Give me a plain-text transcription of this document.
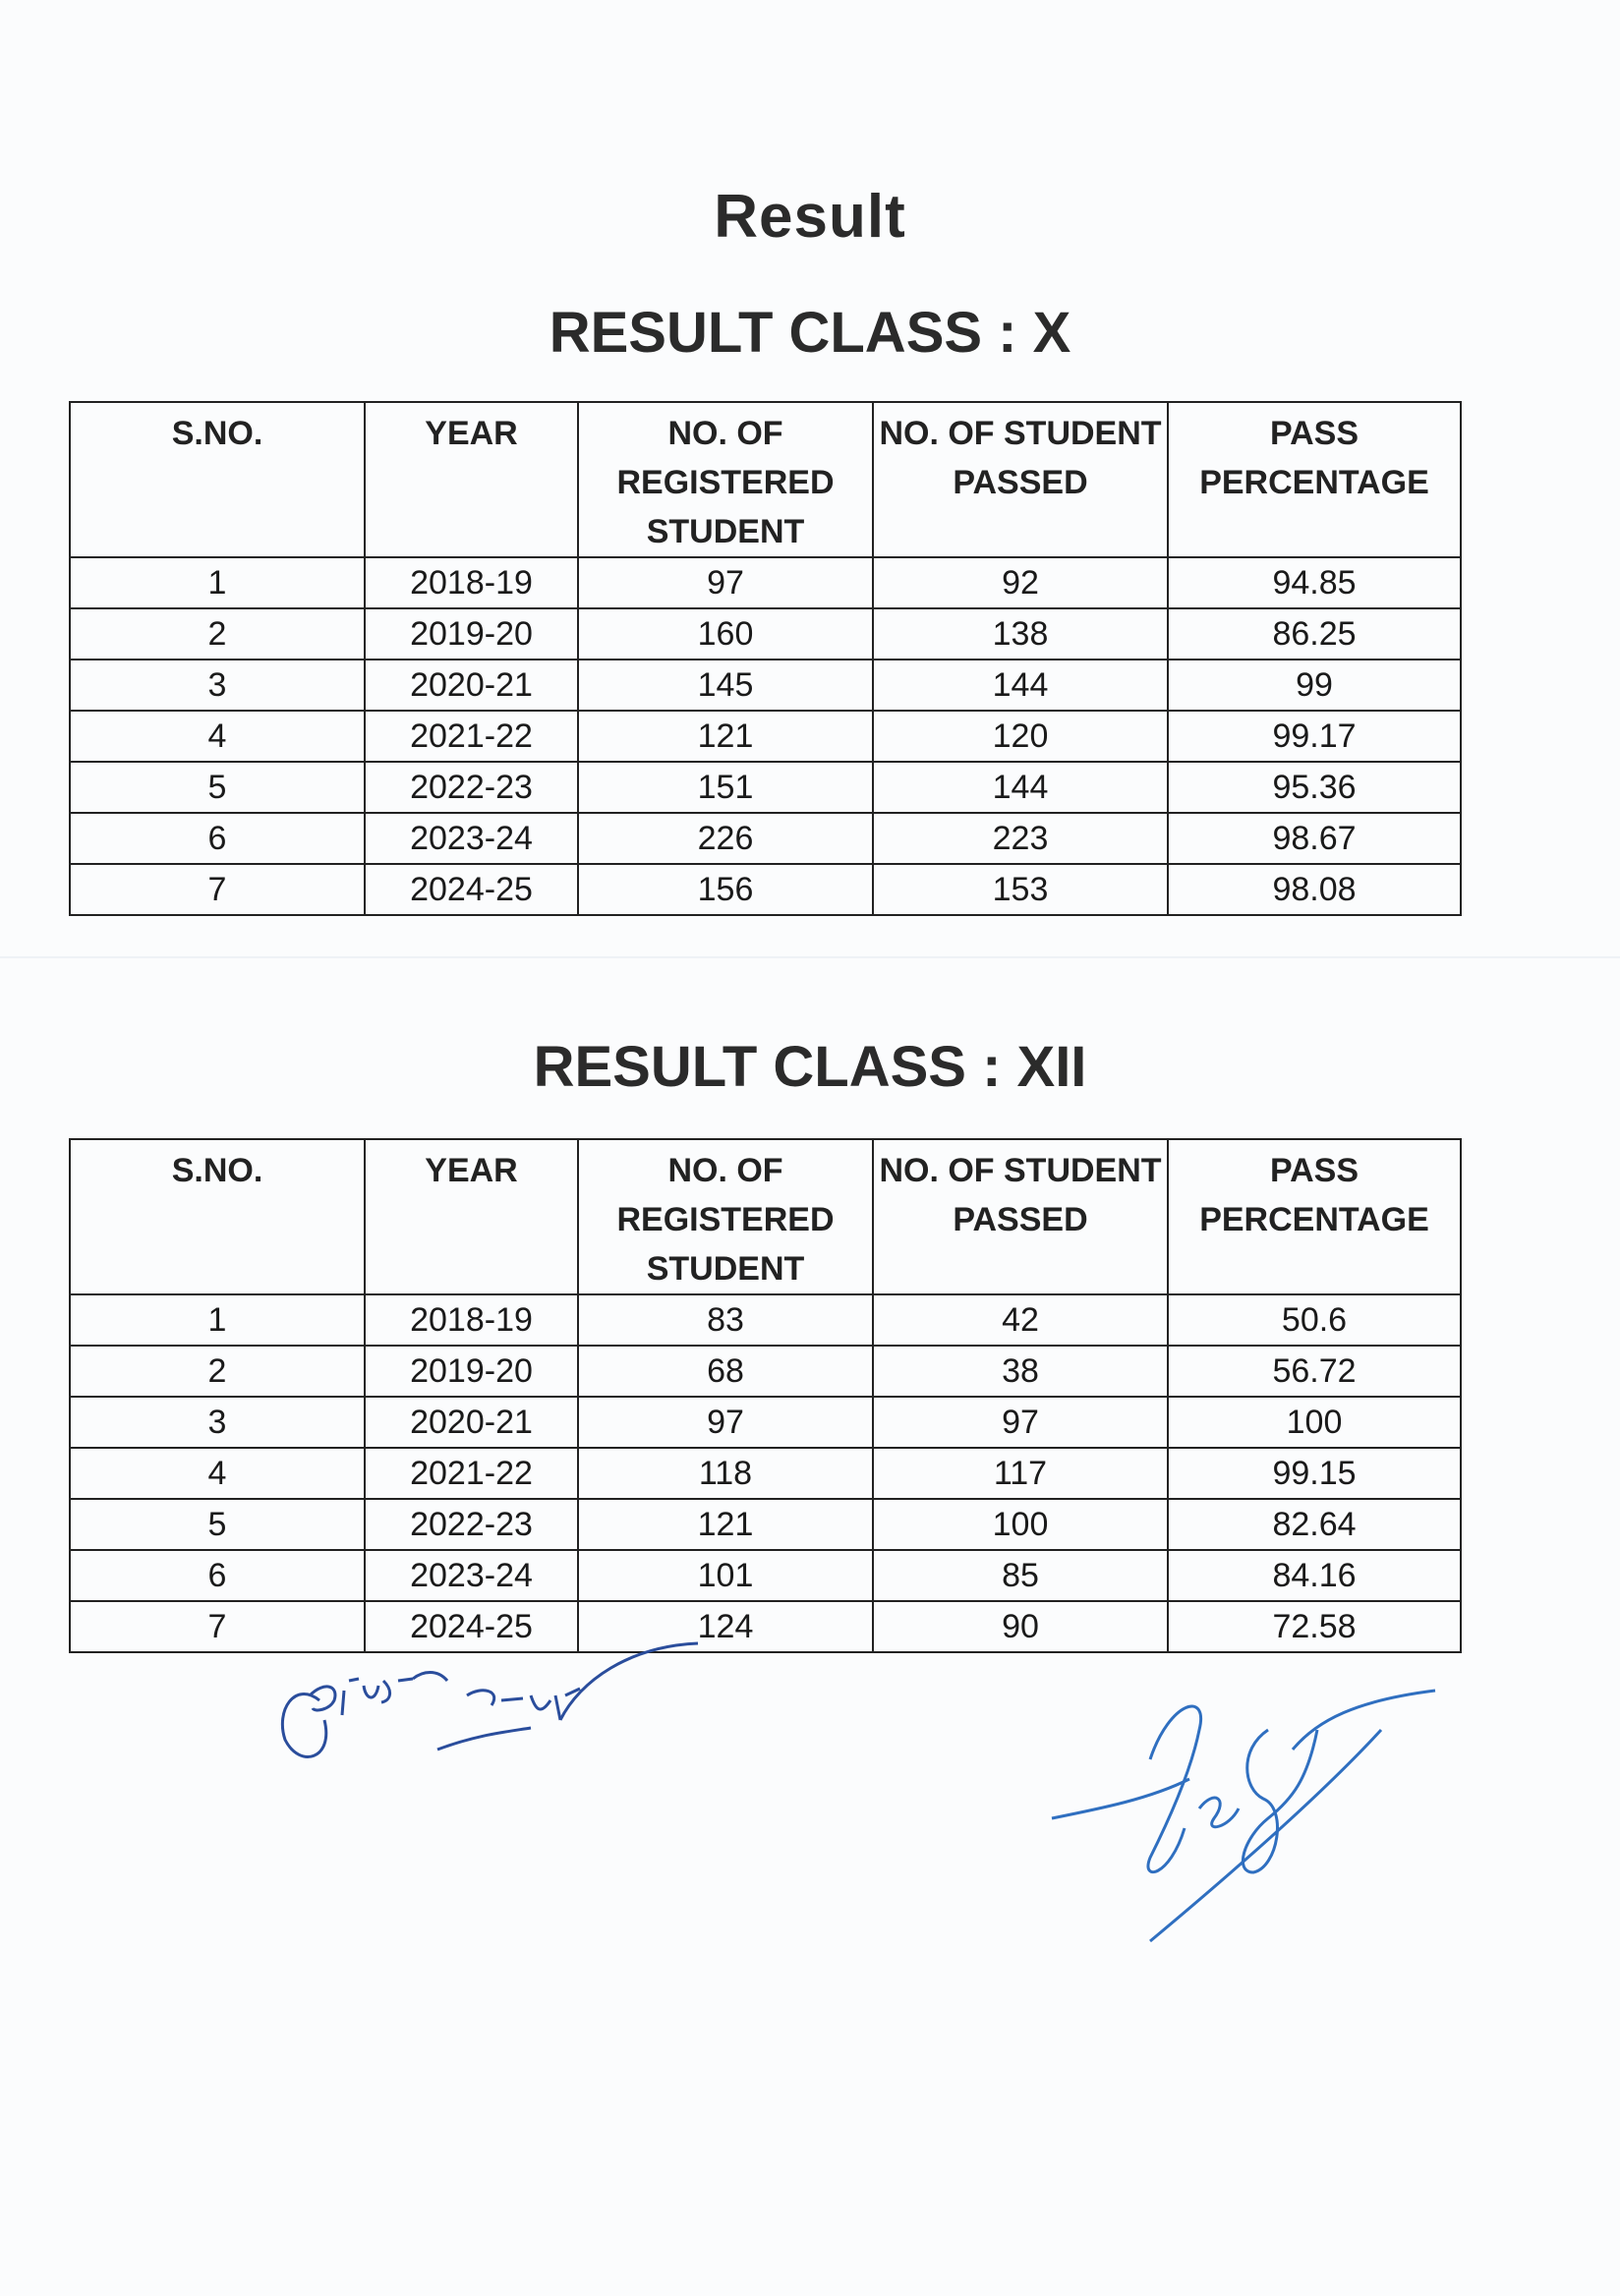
Result
RESULT CLASS : X
S.NO.	YEAR	NO. OF REGISTERED STUDENT	NO. OF STUDENT PASSED	PASS PERCENTAGE
1	2018-19	97	92	94.85
2	2019-20	160	138	86.25
3	2020-21	145	144	99
4	2021-22	121	120	99.17
5	2022-23	151	144	95.36
6	2023-24	226	223	98.67
7	2024-25	156	153	98.08
RESULT CLASS : XII
S.NO.	YEAR	NO. OF REGISTERED STUDENT	NO. OF STUDENT PASSED	PASS PERCENTAGE
1	2018-19	83	42	50.6
2	2019-20	68	38	56.72
3	2020-21	97	97	100
4	2021-22	118	117	99.15
5	2022-23	121	100	82.64
6	2023-24	101	85	84.16
7	2024-25	124	90	72.58
